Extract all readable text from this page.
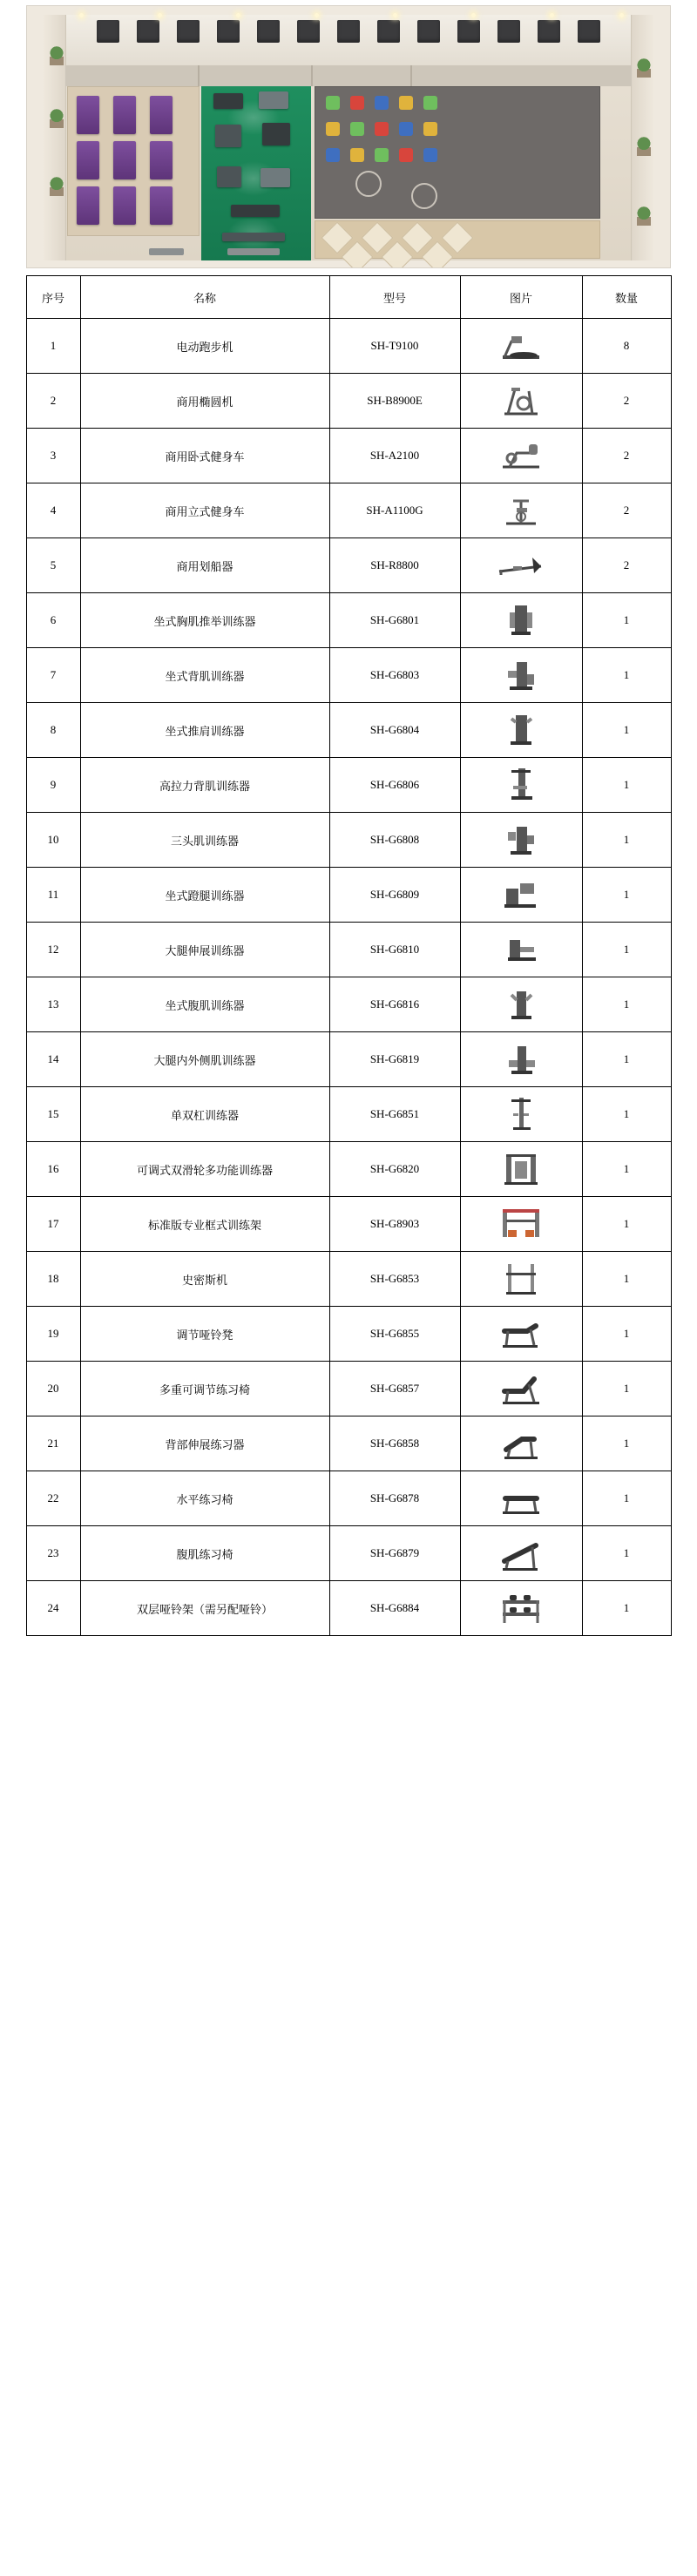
序号	名称	型号	图片	数量
1	电动跑步机	SH-T9100		8
2	商用椭圆机	SH-B8900E		2
3	商用卧式健身车	SH-A2100		2
4	商用立式健身车	SH-A1100G		2
5	商用划船器	SH-R8800		2
6	坐式胸肌推举训练器	SH-G6801		1
7	坐式背肌训练器	SH-G6803		1
8	坐式推肩训练器	SH-G6804		1
9	高拉力背肌训练器	SH-G6806		1
10	三头肌训练器	SH-G6808		1
11	坐式蹬腿训练器	SH-G6809		1
12	大腿伸展训练器	SH-G6810		1
13	坐式腹肌训练器	SH-G6816		1
14	大腿内外侧肌训练器	SH-G6819		1
15	单双杠训练器	SH-G6851		1
16	可调式双滑轮多功能训练器	SH-G6820		1
17	标准版专业框式训练架	SH-G8903		1
18	史密斯机	SH-G6853		1
19	调节哑铃凳	SH-G6855		1
20	多重可调节练习椅	SH-G6857		1
21	背部伸展练习器	SH-G6858		1
22	水平练习椅	SH-G6878		1
23	腹肌练习椅	SH-G6879		1
24	双层哑铃架（需另配哑铃）	SH-G6884		1
